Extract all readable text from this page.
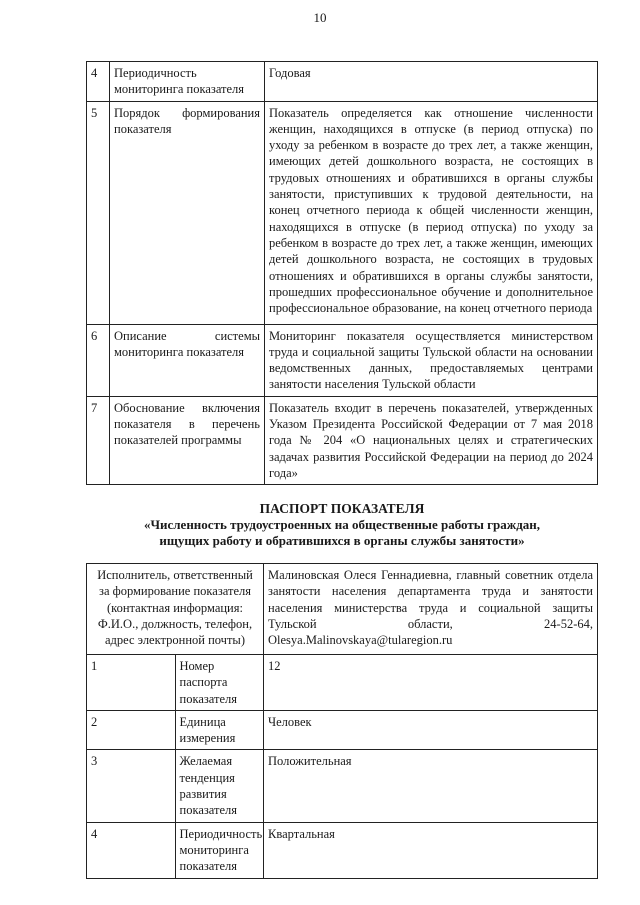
10
4	Периодичность мониторинга показателя	Годовая
5	Порядок формирования показателя	Показатель определяется как отношение численности женщин, находящихся в отпуске (в период отпуска) по уходу за ребенком в возрасте до трех лет, а также женщин, имеющих детей дошкольного возраста, не состоящих в трудовых отношениях и обратившихся в органы службы занятости, приступивших к трудовой деятельности, на конец отчетного периода к общей численности женщин, находящихся в отпуске (в период отпуска) по уходу за ребенком в возрасте до трех лет, а также женщин, имеющих детей дошкольного возраста, не состоящих в трудовых отношениях и обратившихся в органы службы занятости, прошедших профессиональное обучение и дополнительное профессиональное образование, на конец отчетного периода
6	Описание системы мониторинга показателя	Мониторинг показателя осуществляется министерством труда и социальной защиты Тульской области на основании ведомственных данных, предоставляемых центрами занятости населения Тульской области
7	Обоснование включения показателя в перечень показателей программы	Показатель входит в перечень показателей, утвержденных Указом Президента Российской Федерации от 7 мая 2018 года № 204 «О национальных целях и стратегических задачах развития Российской Федерации на период до 2024 года»
ПАСПОРТ ПОКАЗАТЕЛЯ
«Численность трудоустроенных на общественные работы граждан,
ищущих работу и обратившихся в органы службы занятости»
Исполнитель, ответственный за формирование показателя (контактная информация: Ф.И.О., должность, телефон, адрес электронной почты)		Малиновская Олеся Геннадиевна, главный советник отдела занятости населения департамента труда и занятости населения министерства труда и социальной защиты Тульской области, 24-52-64, Olesya.Malinovskaya@tularegion.ru
1	Номер паспорта показателя	12
2	Единица измерения	Человек
3	Желаемая тенденция развития показателя	Положительная
4	Периодичность мониторинга показателя	Квартальная
